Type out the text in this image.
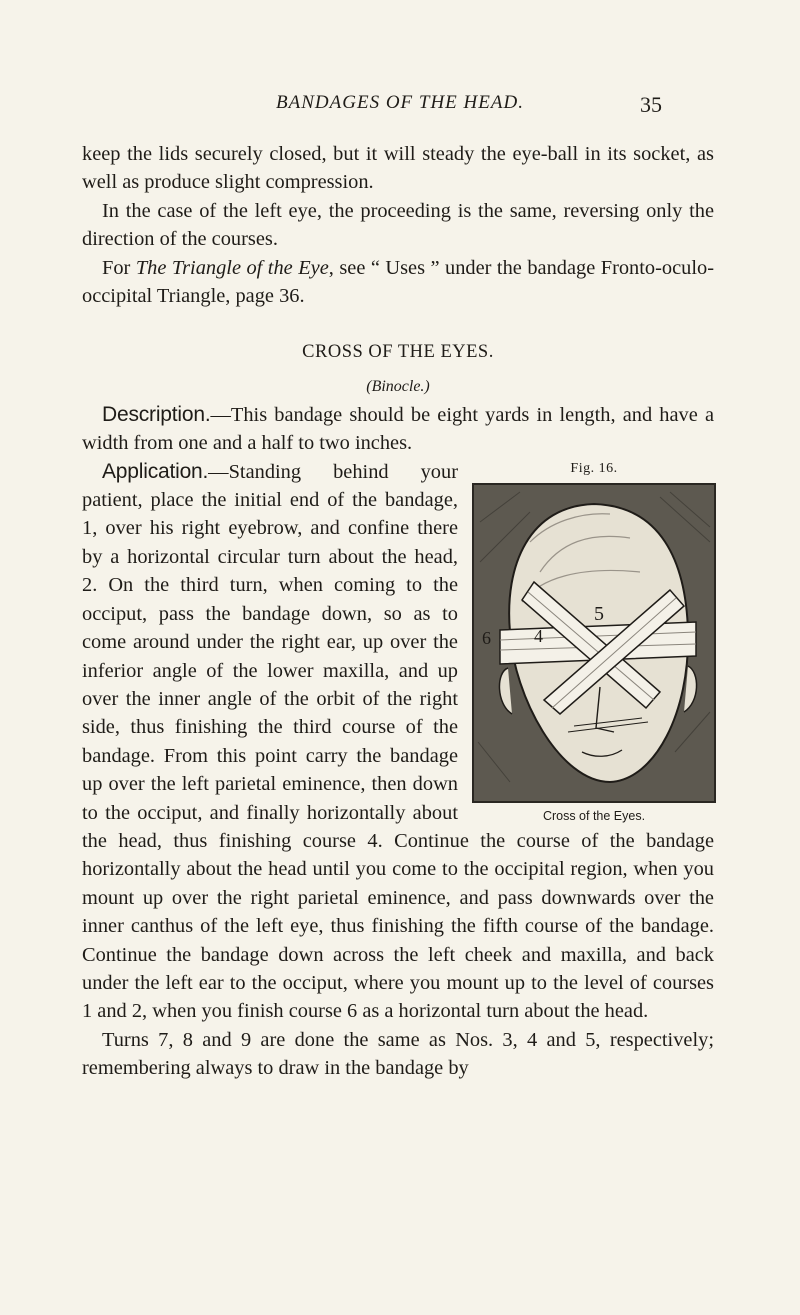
BANDAGES OF THE HEAD.	35

keep the lids securely closed, but it will steady the eye-ball in its socket, as well as produce slight compression.

In the case of the left eye, the proceeding is the same, reversing only the direction of the courses.

For The Triangle of the Eye, see “ Uses ” under the bandage Fronto-oculo-occipital Triangle, page 36.

CROSS OF THE EYES.
(Binocle.)

Description.—This bandage should be eight yards in length, and have a width from one and a half to two inches.

Fig. 16.
5
4
6
Cross of the Eyes.

Application.—Standing behind your patient, place the initial end of the bandage, 1, over his right eyebrow, and confine there by a horizontal circular turn about the head, 2. On the third turn, when coming to the occiput, pass the bandage down, so as to come around under the right ear, up over the inferior angle of the lower maxilla, and up over the inner angle of the orbit of the right side, thus finishing the third course of the bandage. From this point carry the bandage up over the left parietal eminence, then down to the occiput, and finally horizontally about the head, thus finishing course 4. Continue the course of the bandage horizontally about the head until you come to the occipital region, when you mount up over the right parietal eminence, and pass downwards over the inner canthus of the left eye, thus finishing the fifth course of the bandage. Continue the bandage down across the left cheek and maxilla, and back under the left ear to the occiput, where you mount up to the level of courses 1 and 2, when you finish course 6 as a horizontal turn about the head.

Turns 7, 8 and 9 are done the same as Nos. 3, 4 and 5, respectively; remembering always to draw in the bandage by
